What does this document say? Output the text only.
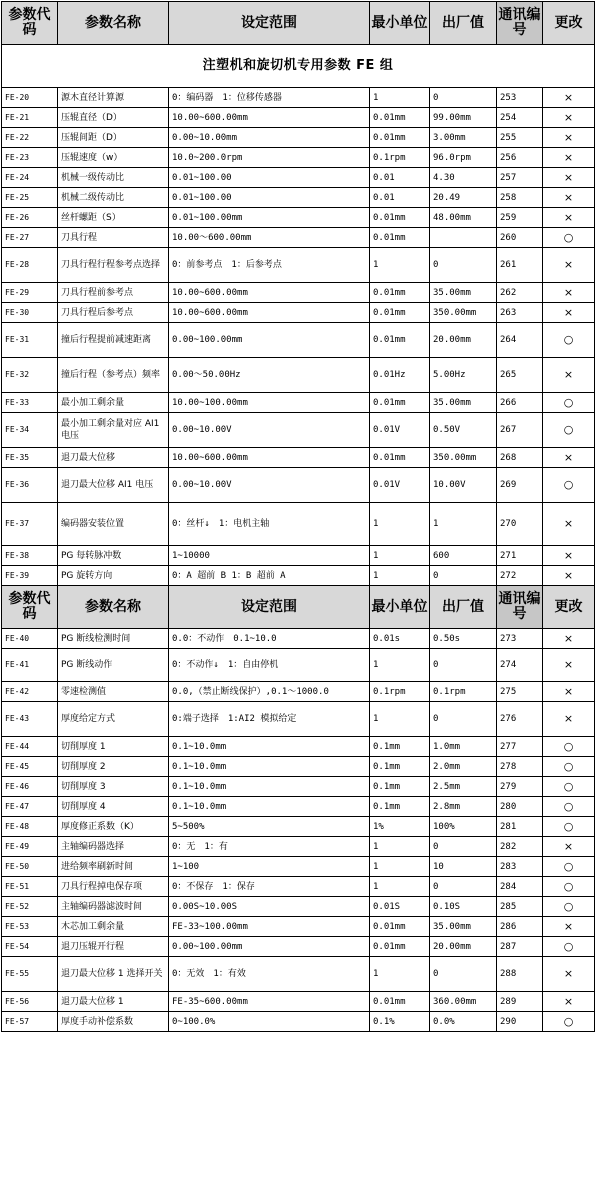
参数代码	参数名称	设定范围	最小单位	出厂值	通讯编号	更改
注塑机和旋切机专用参数 FE 组						
FE-20	源木直径计算源	0：编码器　1：位移传感器	1	0	253	×
FE-21	压辊直径（D）	10.00~600.00mm	0.01mm	99.00mm	254	×
FE-22	压辊间距（D）	0.00~10.00mm	0.01mm	3.00mm	255	×
FE-23	压辊速度（w）	10.0~200.0rpm	0.1rpm	96.0rpm	256	×
FE-24	机械一级传动比	0.01~100.00	0.01	4.30	257	×
FE-25	机械二级传动比	0.01~100.00	0.01	20.49	258	×
FE-26	丝杆螺距（S）	0.01~100.00mm	0.01mm	48.00mm	259	×
FE-27	刀具行程	10.00～600.00mm	0.01mm		260	○
FE-28	刀具行程行程参考点选择	0：前参考点　1：后参考点	1	0	261	×
FE-29	刀具行程前参考点	10.00~600.00mm	0.01mm	35.00mm	262	×
FE-30	刀具行程后参考点	10.00~600.00mm	0.01mm	350.00mm	263	×
FE-31	撞后行程提前减速距离	0.00~100.00mm	0.01mm	20.00mm	264	○
FE-32	撞后行程（参考点）频率	0.00～50.00Hz	0.01Hz	5.00Hz	265	×
FE-33	最小加工剩余量	10.00~100.00mm	0.01mm	35.00mm	266	○
FE-34	最小加工剩余量对应 AI1 电压	0.00~10.00V	0.01V	0.50V	267	○
FE-35	退刀最大位移	10.00~600.00mm	0.01mm	350.00mm	268	×
FE-36	退刀最大位移 AI1 电压	0.00~10.00V	0.01V	10.00V	269	○
FE-37	编码器安装位置	0：丝杆↓　1：电机主轴	1	1	270	×
FE-38	PG 每转脉冲数	1~10000	1	600	271	×
FE-39	PG 旋转方向	0：A 超前 B 1：B 超前 A	1	0	272	×
参数代码	参数名称	设定范围	最小单位	出厂值	通讯编号	更改
FE-40	PG 断线检测时间	0.0：不动作　0.1~10.0	0.01s	0.50s	273	×
FE-41	PG 断线动作	0：不动作↓　1：自由停机	1	0	274	×
FE-42	零速检测值	0.0,（禁止断线保护）,0.1～1000.0	0.1rpm	0.1rpm	275	×
FE-43	厚度给定方式	0:端子选择　1:AI2 模拟给定	1	0	276	×
FE-44	切削厚度 1	0.1~10.0mm	0.1mm	1.0mm	277	○
FE-45	切削厚度 2	0.1~10.0mm	0.1mm	2.0mm	278	○
FE-46	切削厚度 3	0.1~10.0mm	0.1mm	2.5mm	279	○
FE-47	切削厚度 4	0.1~10.0mm	0.1mm	2.8mm	280	○
FE-48	厚度修正系数（K）	5~500%	1%	100%	281	○
FE-49	主轴编码器选择	0：无　1：有	1	0	282	×
FE-50	进给频率刷新时间	1~100	1	10	283	○
FE-51	刀具行程掉电保存项	0：不保存　1：保存	1	0	284	○
FE-52	主轴编码器滤波时间	0.00S~10.00S	0.01S	0.10S	285	○
FE-53	木芯加工剩余量	FE-33~100.00mm	0.01mm	35.00mm	286	×
FE-54	退刀压辊开行程	0.00~100.00mm	0.01mm	20.00mm	287	○
FE-55	退刀最大位移 1 选择开关	0：无效　1：有效	1	0	288	×
FE-56	退刀最大位移 1	FE-35~600.00mm	0.01mm	360.00mm	289	×
FE-57	厚度手动补偿系数	0~100.0%	0.1%	0.0%	290	○
